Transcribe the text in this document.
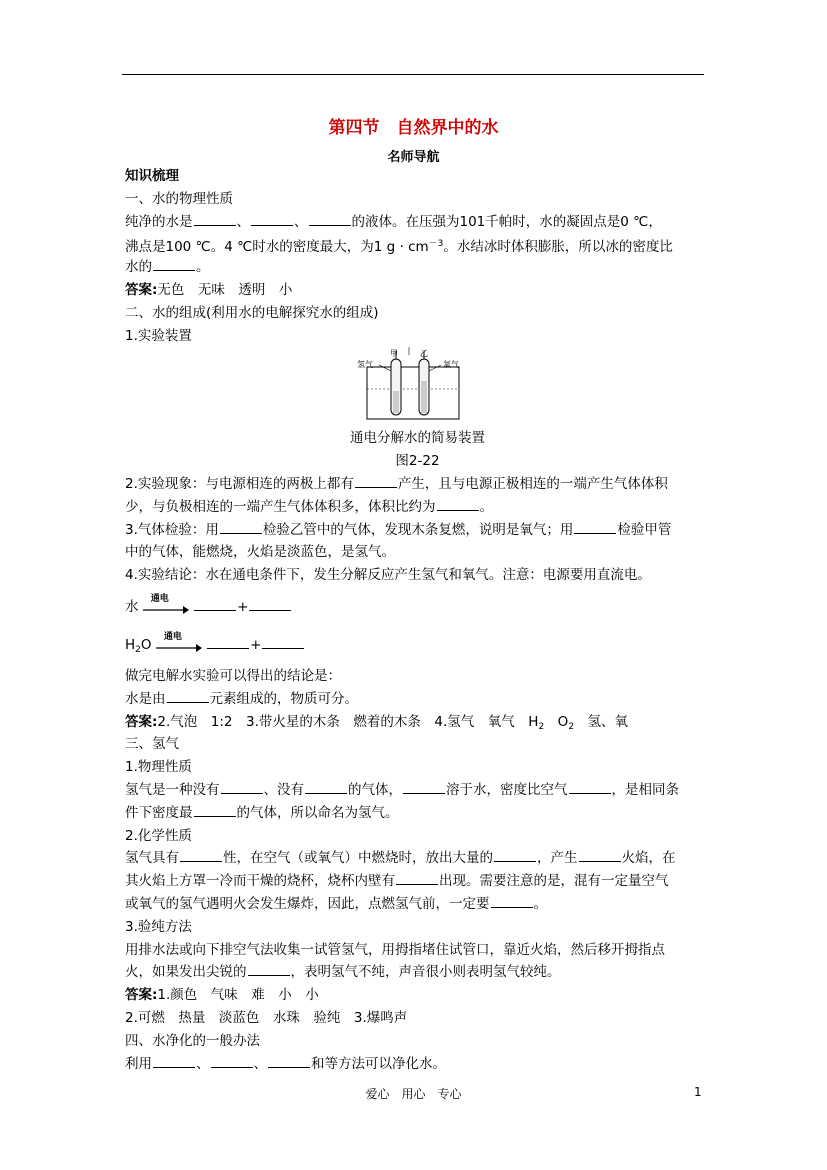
第四节　自然界中的水
名师导航
知识梳理
一、水的物理性质
纯净的水是	、	、	的液体。在压强为101千帕时，水的凝固点是0 ℃，
沸点是100 ℃。4 ℃时水的密度最大，为1 $g \cdot cm^{-3}$。水结冰时体积膨胀，所以冰的密度比
水的	。
答案:无色　无味　透明　小
二、水的组成(利用水的电解探究水的组成)
1.实验装置
氢气	氧气
甲	乙
通电分解水的简易装置
图2-22
2.实验现象：与电源相连的两极上都有	产生，且与电源正极相连的一端产生气体体积
少，与负极相连的一端产生气体体积多，体积比约为	。
3.气体检验：用	检验乙管中的气体，发现木条复燃，说明是氧气；用	检验甲管
中的气体，能燃烧，火焰是淡蓝色，是氢气。
4.实验结论：水在通电条件下，发生分解反应产生氢气和氧气。注意：电源要用直流电。
水 通电	+
$H_2O$ 通电	+
做完电解水实验可以得出的结论是：
水是由	元素组成的，物质可分。
答案:2.气泡　1:2　3.带火星的木条　燃着的木条　4.氢气　氧气　$H_2$　$O_2$　氢、氧
三、氢气
1.物理性质
氢气是一种没有	、没有	的气体，	溶于水，密度比空气	，是相同条
件下密度最	的气体，所以命名为氢气。
2.化学性质
氢气具有	性，在空气（或氧气）中燃烧时，放出大量的	，产生	火焰，在
其火焰上方罩一冷而干燥的烧杯，烧杯内壁有	出现。需要注意的是，混有一定量空气
或氧气的氢气遇明火会发生爆炸，因此，点燃氢气前，一定要	。
3.验纯方法
用排水法或向下排空气法收集一试管氢气，用拇指堵住试管口，靠近火焰，然后移开拇指点
火，如果发出尖锐的	，表明氢气不纯，声音很小则表明氢气较纯。
答案:1.颜色　气味　难　小　小
2.可燃　热量　淡蓝色　水珠　验纯　3.爆鸣声
四、水净化的一般办法
利用	、	、	和等方法可以净化水。
爱心　用心　专心	1
